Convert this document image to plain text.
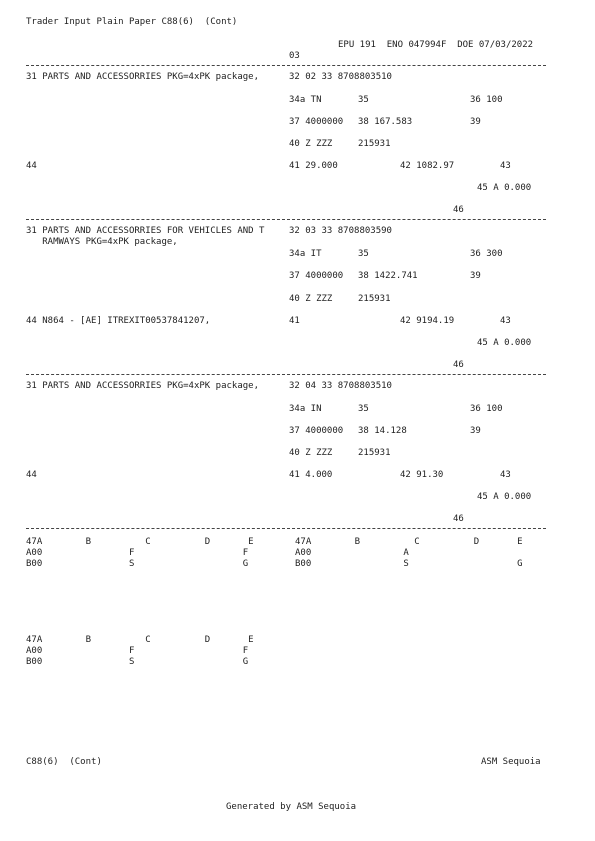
Trader Input Plain Paper C88(6)  (Cont)
EPU 191  ENO 047994F  DOE 07/03/2022
03
31 PARTS AND ACCESSORRIES PKG=4xPK package,	32 02 33 8708803510
34a TN	35	36 100
37 4000000 38 167.583	39
40 Z ZZZ	215931
44	41 29.000	42 1082.97	43
45 A 0.000
46
31 PARTS AND ACCESSORRIES FOR VEHICLES AND T
RAMWAYS PKG=4xPK package,
32 03 33 8708803590
34a IT	35	36 300
37 4000000 38 1422.741	39
40 Z ZZZ	215931
44 N864 - [AE] ITREXIT00537841207,	41	42 9194.19	43
45 A 0.000
46
31 PARTS AND ACCESSORRIES PKG=4xPK package,	32 04 33 8708803510
34a IN	35	36 100
37 4000000 38 14.128	39
40 Z ZZZ	215931
44	41 4.000	42 91.30	43
45 A 0.000
46
47A        B          C          D       E
A00                F                    F
B00                S                    G
47A        B          C          D       E
A00                 A
B00                 S                    G
47A        B          C          D       E
A00                F                    F
B00                S                    G
C88(6)  (Cont)	ASM Sequoia
Generated by ASM Sequoia
